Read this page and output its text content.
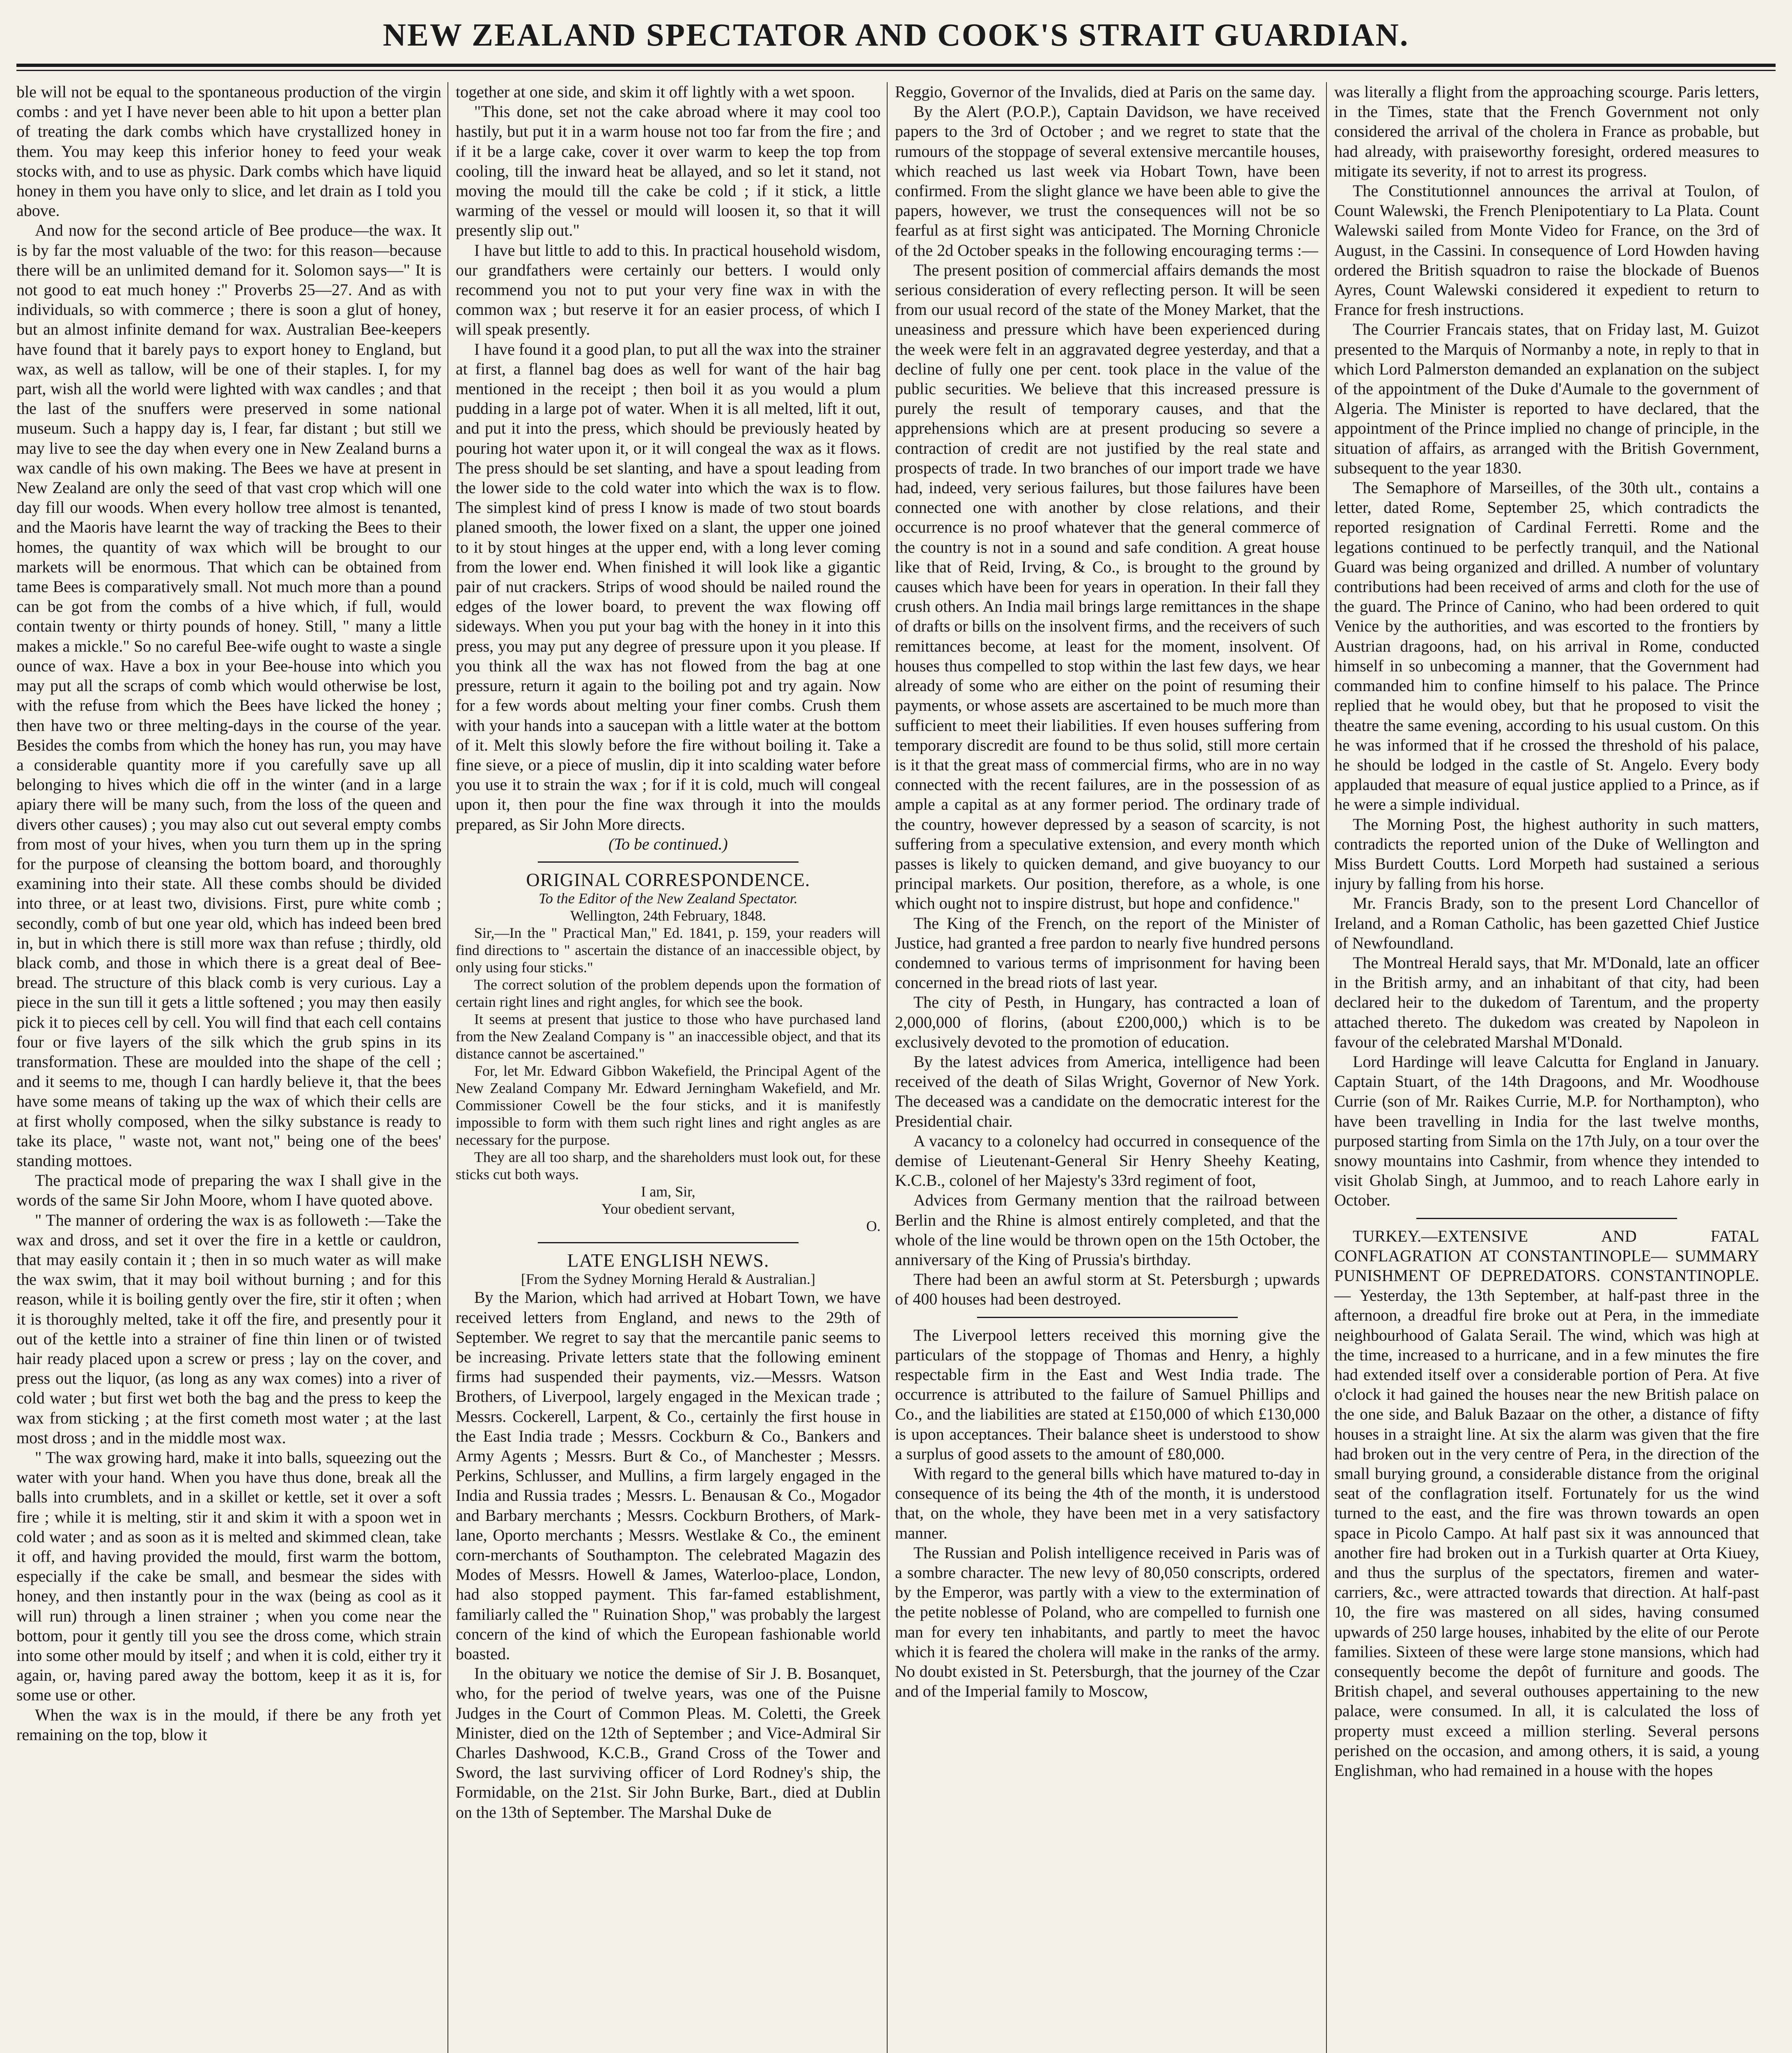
NEW ZEALAND SPECTATOR AND COOK'S STRAIT GUARDIAN.

ble will not be equal to the spontaneous production of the virgin combs : and yet I have never been able to hit upon a better plan of treating the dark combs which have crystallized honey in them. You may keep this inferior honey to feed your weak stocks with, and to use as physic. Dark combs which have liquid honey in them you have only to slice, and let drain as I told you above.

And now for the second article of Bee produce—the wax. It is by far the most valuable of the two: for this reason—because there will be an unlimited demand for it. Solomon says—" It is not good to eat much honey :" Proverbs 25—27. And as with individuals, so with commerce ; there is soon a glut of honey, but an almost infinite demand for wax. Australian Bee-keepers have found that it barely pays to export honey to England, but wax, as well as tallow, will be one of their staples. I, for my part, wish all the world were lighted with wax candles ; and that the last of the snuffers were preserved in some national museum. Such a happy day is, I fear, far distant ; but still we may live to see the day when every one in New Zealand burns a wax candle of his own making. The Bees we have at present in New Zealand are only the seed of that vast crop which will one day fill our woods. When every hollow tree almost is tenanted, and the Maoris have learnt the way of tracking the Bees to their homes, the quantity of wax which will be brought to our markets will be enormous. That which can be obtained from tame Bees is comparatively small. Not much more than a pound can be got from the combs of a hive which, if full, would contain twenty or thirty pounds of honey. Still, " many a little makes a mickle." So no careful Bee-wife ought to waste a single ounce of wax. Have a box in your Bee-house into which you may put all the scraps of comb which would otherwise be lost, with the refuse from which the Bees have licked the honey ; then have two or three melting-days in the course of the year. Besides the combs from which the honey has run, you may have a considerable quantity more if you carefully save up all belonging to hives which die off in the winter (and in a large apiary there will be many such, from the loss of the queen and divers other causes) ; you may also cut out several empty combs from most of your hives, when you turn them up in the spring for the purpose of cleansing the bottom board, and thoroughly examining into their state. All these combs should be divided into three, or at least two, divisions. First, pure white comb ; secondly, comb of but one year old, which has indeed been bred in, but in which there is still more wax than refuse ; thirdly, old black comb, and those in which there is a great deal of Bee-bread. The structure of this black comb is very curious. Lay a piece in the sun till it gets a little softened ; you may then easily pick it to pieces cell by cell. You will find that each cell contains four or five layers of the silk which the grub spins in its transformation. These are moulded into the shape of the cell ; and it seems to me, though I can hardly believe it, that the bees have some means of taking up the wax of which their cells are at first wholly composed, when the silky substance is ready to take its place, " waste not, want not," being one of the bees' standing mottoes.

The practical mode of preparing the wax I shall give in the words of the same Sir John Moore, whom I have quoted above.

" The manner of ordering the wax is as followeth :—Take the wax and dross, and set it over the fire in a kettle or cauldron, that may easily contain it ; then in so much water as will make the wax swim, that it may boil without burning ; and for this reason, while it is boiling gently over the fire, stir it often ; when it is thoroughly melted, take it off the fire, and presently pour it out of the kettle into a strainer of fine thin linen or of twisted hair ready placed upon a screw or press ; lay on the cover, and press out the liquor, (as long as any wax comes) into a river of cold water ; but first wet both the bag and the press to keep the wax from sticking ; at the first cometh most water ; at the last most dross ; and in the middle most wax.

" The wax growing hard, make it into balls, squeezing out the water with your hand. When you have thus done, break all the balls into crumblets, and in a skillet or kettle, set it over a soft fire ; while it is melting, stir it and skim it with a spoon wet in cold water ; and as soon as it is melted and skimmed clean, take it off, and having provided the mould, first warm the bottom, especially if the cake be small, and besmear the sides with honey, and then instantly pour in the wax (being as cool as it will run) through a linen strainer ; when you come near the bottom, pour it gently till you see the dross come, which strain into some other mould by itself ; and when it is cold, either try it again, or, having pared away the bottom, keep it as it is, for some use or other.

When the wax is in the mould, if there be any froth yet remaining on the top, blow it

together at one side, and skim it off lightly with a wet spoon.

"This done, set not the cake abroad where it may cool too hastily, but put it in a warm house not too far from the fire ; and if it be a large cake, cover it over warm to keep the top from cooling, till the inward heat be allayed, and so let it stand, not moving the mould till the cake be cold ; if it stick, a little warming of the vessel or mould will loosen it, so that it will presently slip out."

I have but little to add to this. In practical household wisdom, our grandfathers were certainly our betters. I would only recommend you not to put your very fine wax in with the common wax ; but reserve it for an easier process, of which I will speak presently.

I have found it a good plan, to put all the wax into the strainer at first, a flannel bag does as well for want of the hair bag mentioned in the receipt ; then boil it as you would a plum pudding in a large pot of water. When it is all melted, lift it out, and put it into the press, which should be previously heated by pouring hot water upon it, or it will congeal the wax as it flows. The press should be set slanting, and have a spout leading from the lower side to the cold water into which the wax is to flow. The simplest kind of press I know is made of two stout boards planed smooth, the lower fixed on a slant, the upper one joined to it by stout hinges at the upper end, with a long lever coming from the lower end. When finished it will look like a gigantic pair of nut crackers. Strips of wood should be nailed round the edges of the lower board, to prevent the wax flowing off sideways. When you put your bag with the honey in it into this press, you may put any degree of pressure upon it you please. If you think all the wax has not flowed from the bag at one pressure, return it again to the boiling pot and try again. Now for a few words about melting your finer combs. Crush them with your hands into a saucepan with a little water at the bottom of it. Melt this slowly before the fire without boiling it. Take a fine sieve, or a piece of muslin, dip it into scalding water before you use it to strain the wax ; for if it is cold, much will congeal upon it, then pour the fine wax through it into the moulds prepared, as Sir John More directs.

(To be continued.)

ORIGINAL CORRESPONDENCE.

To the Editor of the New Zealand Spectator.

Wellington, 24th February, 1848.

Sir,—In the " Practical Man," Ed. 1841, p. 159, your readers will find directions to " ascertain the distance of an inaccessible object, by only using four sticks."

The correct solution of the problem depends upon the formation of certain right lines and right angles, for which see the book.

It seems at present that justice to those who have purchased land from the New Zealand Company is " an inaccessible object, and that its distance cannot be ascertained."

For, let Mr. Edward Gibbon Wakefield, the Principal Agent of the New Zealand Company Mr. Edward Jerningham Wakefield, and Mr. Commissioner Cowell be the four sticks, and it is manifestly impossible to form with them such right lines and right angles as are necessary for the purpose.

They are all too sharp, and the shareholders must look out, for these sticks cut both ways.

I am, Sir,

Your obedient servant,

O.

LATE ENGLISH NEWS.

[From the Sydney Morning Herald & Australian.]

By the Marion, which had arrived at Hobart Town, we have received letters from England, and news to the 29th of September. We regret to say that the mercantile panic seems to be increasing. Private letters state that the following eminent firms had suspended their payments, viz.—Messrs. Watson Brothers, of Liverpool, largely engaged in the Mexican trade ; Messrs. Cockerell, Larpent, & Co., certainly the first house in the East India trade ; Messrs. Cockburn & Co., Bankers and Army Agents ; Messrs. Burt & Co., of Manchester ; Messrs. Perkins, Schlusser, and Mullins, a firm largely engaged in the India and Russia trades ; Messrs. L. Benausan & Co., Mogador and Barbary merchants ; Messrs. Cockburn Brothers, of Mark-lane, Oporto merchants ; Messrs. Westlake & Co., the eminent corn-merchants of Southampton. The celebrated Magazin des Modes of Messrs. Howell & James, Waterloo-place, London, had also stopped payment. This far-famed establishment, familiarly called the " Ruination Shop," was probably the largest concern of the kind of which the European fashionable world boasted.

In the obituary we notice the demise of Sir J. B. Bosanquet, who, for the period of twelve years, was one of the Puisne Judges in the Court of Common Pleas. M. Coletti, the Greek Minister, died on the 12th of September ; and Vice-Admiral Sir Charles Dashwood, K.C.B., Grand Cross of the Tower and Sword, the last surviving officer of Lord Rodney's ship, the Formidable, on the 21st. Sir John Burke, Bart., died at Dublin on the 13th of September. The Marshal Duke de

Reggio, Governor of the Invalids, died at Paris on the same day.

By the Alert (P.O.P.), Captain Davidson, we have received papers to the 3rd of October ; and we regret to state that the rumours of the stoppage of several extensive mercantile houses, which reached us last week via Hobart Town, have been confirmed. From the slight glance we have been able to give the papers, however, we trust the consequences will not be so fearful as at first sight was anticipated. The Morning Chronicle of the 2d October speaks in the following encouraging terms :—

The present position of commercial affairs demands the most serious consideration of every reflecting person. It will be seen from our usual record of the state of the Money Market, that the uneasiness and pressure which have been experienced during the week were felt in an aggravated degree yesterday, and that a decline of fully one per cent. took place in the value of the public securities. We believe that this increased pressure is purely the result of temporary causes, and that the apprehensions which are at present producing so severe a contraction of credit are not justified by the real state and prospects of trade. In two branches of our import trade we have had, indeed, very serious failures, but those failures have been connected one with another by close relations, and their occurrence is no proof whatever that the general commerce of the country is not in a sound and safe condition. A great house like that of Reid, Irving, & Co., is brought to the ground by causes which have been for years in operation. In their fall they crush others. An India mail brings large remittances in the shape of drafts or bills on the insolvent firms, and the receivers of such remittances become, at least for the moment, insolvent. Of houses thus compelled to stop within the last few days, we hear already of some who are either on the point of resuming their payments, or whose assets are ascertained to be much more than sufficient to meet their liabilities. If even houses suffering from temporary discredit are found to be thus solid, still more certain is it that the great mass of commercial firms, who are in no way connected with the recent failures, are in the possession of as ample a capital as at any former period. The ordinary trade of the country, however depressed by a season of scarcity, is not suffering from a speculative extension, and every month which passes is likely to quicken demand, and give buoyancy to our principal markets. Our position, therefore, as a whole, is one which ought not to inspire distrust, but hope and confidence."

The King of the French, on the report of the Minister of Justice, had granted a free pardon to nearly five hundred persons condemned to various terms of imprisonment for having been concerned in the bread riots of last year.

The city of Pesth, in Hungary, has contracted a loan of 2,000,000 of florins, (about £200,000,) which is to be exclusively devoted to the promotion of education.

By the latest advices from America, intelligence had been received of the death of Silas Wright, Governor of New York. The deceased was a candidate on the democratic interest for the Presidential chair.

A vacancy to a colonelcy had occurred in consequence of the demise of Lieutenant-General Sir Henry Sheehy Keating, K.C.B., colonel of her Majesty's 33rd regiment of foot,

Advices from Germany mention that the railroad between Berlin and the Rhine is almost entirely completed, and that the whole of the line would be thrown open on the 15th October, the anniversary of the King of Prussia's birthday.

There had been an awful storm at St. Petersburgh ; upwards of 400 houses had been destroyed.

The Liverpool letters received this morning give the particulars of the stoppage of Thomas and Henry, a highly respectable firm in the East and West India trade. The occurrence is attributed to the failure of Samuel Phillips and Co., and the liabilities are stated at £150,000 of which £130,000 is upon acceptances. Their balance sheet is understood to show a surplus of good assets to the amount of £80,000.

With regard to the general bills which have matured to-day in consequence of its being the 4th of the month, it is understood that, on the whole, they have been met in a very satisfactory manner.

The Russian and Polish intelligence received in Paris was of a sombre character. The new levy of 80,050 conscripts, ordered by the Emperor, was partly with a view to the extermination of the petite noblesse of Poland, who are compelled to furnish one man for every ten inhabitants, and partly to meet the havoc which it is feared the cholera will make in the ranks of the army. No doubt existed in St. Petersburgh, that the journey of the Czar and of the Imperial family to Moscow,

was literally a flight from the approaching scourge. Paris letters, in the Times, state that the French Government not only considered the arrival of the cholera in France as probable, but had already, with praiseworthy foresight, ordered measures to mitigate its severity, if not to arrest its progress.

The Constitutionnel announces the arrival at Toulon, of Count Walewski, the French Plenipotentiary to La Plata. Count Walewski sailed from Monte Video for France, on the 3rd of August, in the Cassini. In consequence of Lord Howden having ordered the British squadron to raise the blockade of Buenos Ayres, Count Walewski considered it expedient to return to France for fresh instructions.

The Courrier Francais states, that on Friday last, M. Guizot presented to the Marquis of Normanby a note, in reply to that in which Lord Palmerston demanded an explanation on the subject of the appointment of the Duke d'Aumale to the government of Algeria. The Minister is reported to have declared, that the appointment of the Prince implied no change of principle, in the situation of affairs, as arranged with the British Government, subsequent to the year 1830.

The Semaphore of Marseilles, of the 30th ult., contains a letter, dated Rome, September 25, which contradicts the reported resignation of Cardinal Ferretti. Rome and the legations continued to be perfectly tranquil, and the National Guard was being organized and drilled. A number of voluntary contributions had been received of arms and cloth for the use of the guard. The Prince of Canino, who had been ordered to quit Venice by the authorities, and was escorted to the frontiers by Austrian dragoons, had, on his arrival in Rome, conducted himself in so unbecoming a manner, that the Government had commanded him to confine himself to his palace. The Prince replied that he would obey, but that he proposed to visit the theatre the same evening, according to his usual custom. On this he was informed that if he crossed the threshold of his palace, he should be lodged in the castle of St. Angelo. Every body applauded that measure of equal justice applied to a Prince, as if he were a simple individual.

The Morning Post, the highest authority in such matters, contradicts the reported union of the Duke of Wellington and Miss Burdett Coutts. Lord Morpeth had sustained a serious injury by falling from his horse.

Mr. Francis Brady, son to the present Lord Chancellor of Ireland, and a Roman Catholic, has been gazetted Chief Justice of Newfoundland.

The Montreal Herald says, that Mr. M'Donald, late an officer in the British army, and an inhabitant of that city, had been declared heir to the dukedom of Tarentum, and the property attached thereto. The dukedom was created by Napoleon in favour of the celebrated Marshal M'Donald.

Lord Hardinge will leave Calcutta for England in January. Captain Stuart, of the 14th Dragoons, and Mr. Woodhouse Currie (son of Mr. Raikes Currie, M.P. for Northampton), who have been travelling in India for the last twelve months, purposed starting from Simla on the 17th July, on a tour over the snowy mountains into Cashmir, from whence they intended to visit Gholab Singh, at Jummoo, and to reach Lahore early in October.

TURKEY.—EXTENSIVE AND FATAL CONFLAGRATION AT CONSTANTINOPLE— SUMMARY PUNISHMENT OF DEPREDATORS. CONSTANTINOPLE. — Yesterday, the 13th September, at half-past three in the afternoon, a dreadful fire broke out at Pera, in the immediate neighbourhood of Galata Serail. The wind, which was high at the time, increased to a hurricane, and in a few minutes the fire had extended itself over a considerable portion of Pera. At five o'clock it had gained the houses near the new British palace on the one side, and Baluk Bazaar on the other, a distance of fifty houses in a straight line. At six the alarm was given that the fire had broken out in the very centre of Pera, in the direction of the small burying ground, a considerable distance from the original seat of the conflagration itself. Fortunately for us the wind turned to the east, and the fire was thrown towards an open space in Picolo Campo. At half past six it was announced that another fire had broken out in a Turkish quarter at Orta Kiuey, and thus the surplus of the spectators, firemen and water-carriers, &c., were attracted towards that direction. At half-past 10, the fire was mastered on all sides, having consumed upwards of 250 large houses, inhabited by the elite of our Perote families. Sixteen of these were large stone mansions, which had consequently become the depôt of furniture and goods. The British chapel, and several outhouses appertaining to the new palace, were consumed. In all, it is calculated the loss of property must exceed a million sterling. Several persons perished on the occasion, and among others, it is said, a young Englishman, who had remained in a house with the hopes
